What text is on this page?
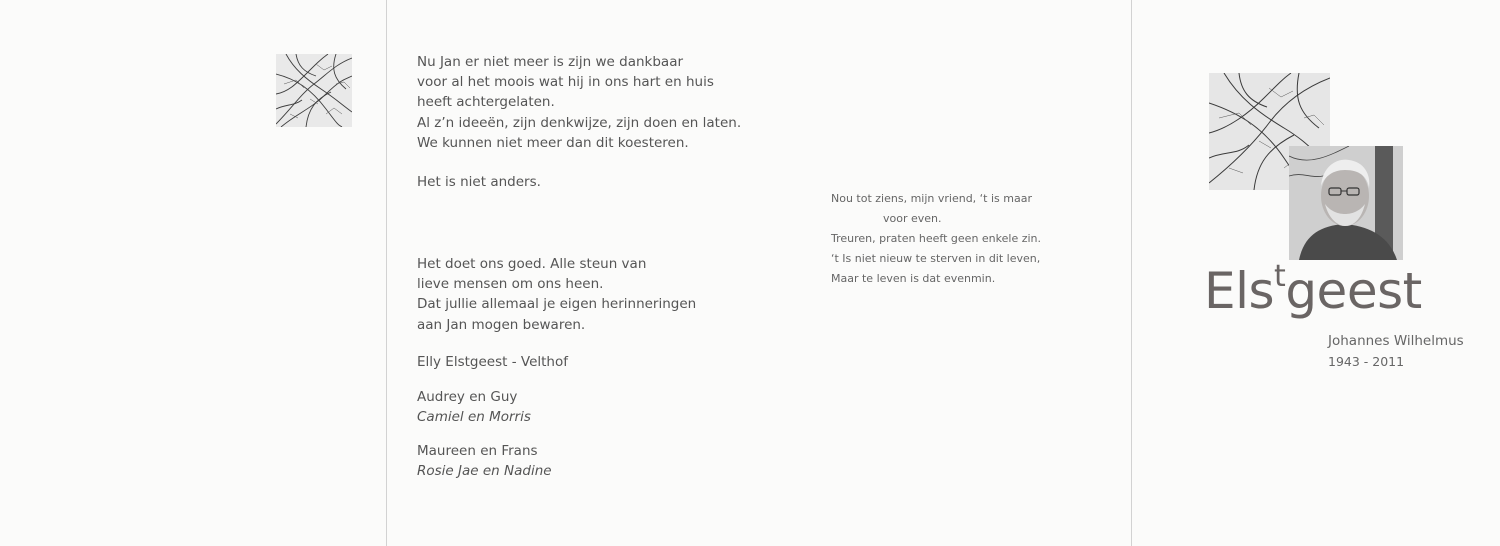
Nu Jan er niet meer is zijn we dankbaar
voor al het moois wat hij in ons hart en huis
heeft achtergelaten.
Al z’n ideeën, zijn denkwijze, zijn doen en laten.
We kunnen niet meer dan dit koesteren.
Het is niet anders.
Het doet ons goed. Alle steun van
lieve mensen om ons heen.
Dat jullie allemaal je eigen herinneringen
aan Jan mogen bewaren.
Elly Elstgeest - Velthof
Audrey en Guy
Camiel en Morris
Maureen en Frans
Rosie Jae en Nadine
Nou tot ziens, mijn vriend, ‘t is maar
voor even.
Treuren, praten heeft geen enkele zin.
‘t Is niet nieuw te sterven in dit leven,
Maar te leven is dat evenmin.	Els$^t$geest
Johannes Wilhelmus
1943 - 2011
